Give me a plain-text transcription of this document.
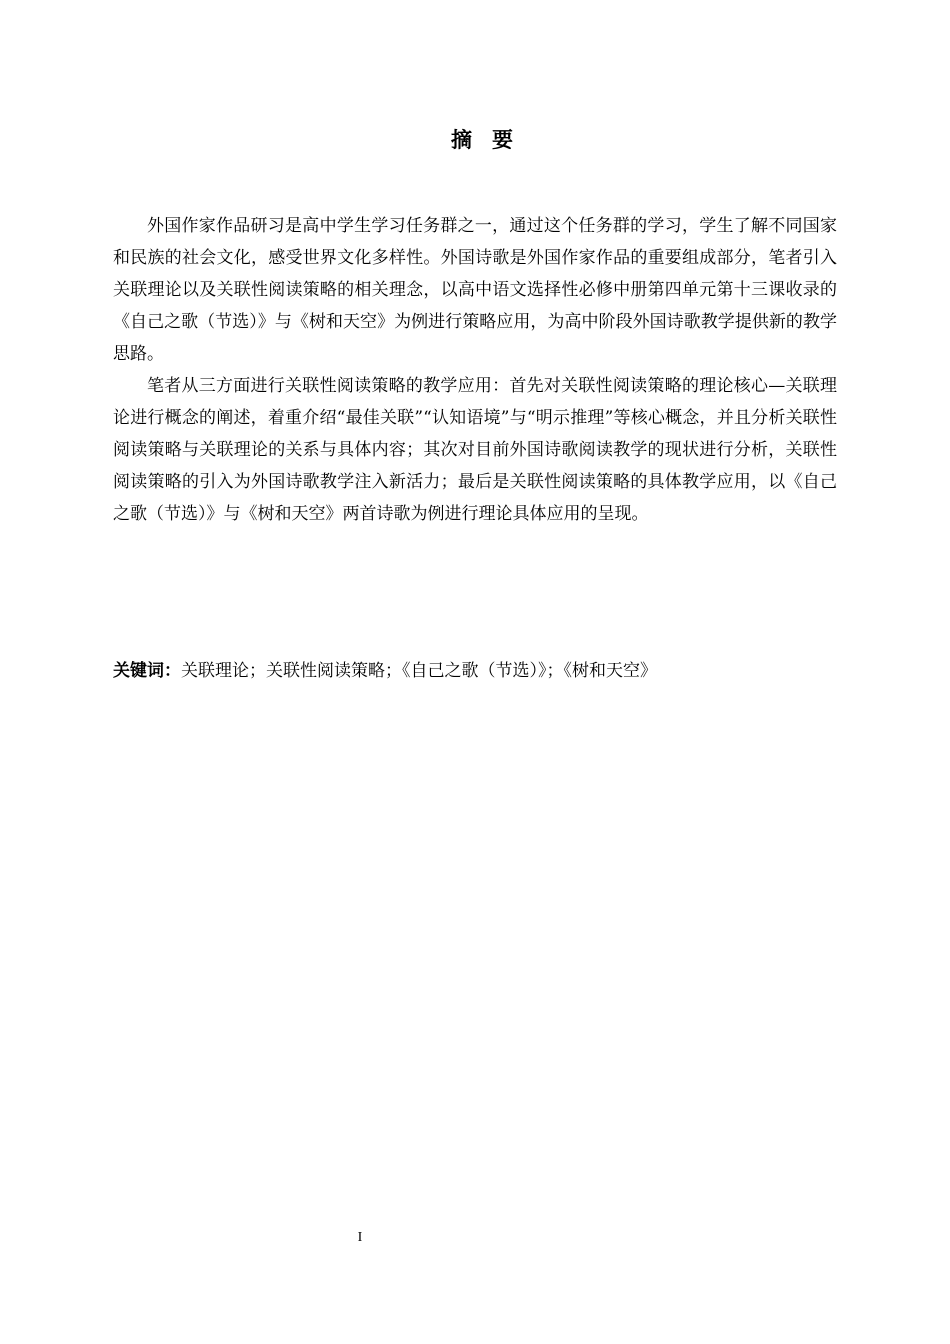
摘要

外国作家作品研习是高中学生学习任务群之一，通过这个任务群的学习，学生了解不同国家和民族的社会文化，感受世界文化多样性。外国诗歌是外国作家作品的重要组成部分，笔者引入关联理论以及关联性阅读策略的相关理念，以高中语文选择性必修中册第四单元第十三课收录的《自己之歌（节选）》与《树和天空》为例进行策略应用，为高中阶段外国诗歌教学提供新的教学思路。

笔者从三方面进行关联性阅读策略的教学应用：首先对关联性阅读策略的理论核心—关联理论进行概念的阐述，着重介绍“最佳关联”“认知语境”与“明示推理”等核心概念，并且分析关联性阅读策略与关联理论的关系与具体内容；其次对目前外国诗歌阅读教学的现状进行分析，关联性阅读策略的引入为外国诗歌教学注入新活力；最后是关联性阅读策略的具体教学应用，以《自己之歌（节选）》与《树和天空》两首诗歌为例进行理论具体应用的呈现。

关键词：关联理论；关联性阅读策略；《自己之歌（节选）》；《树和天空》
I
